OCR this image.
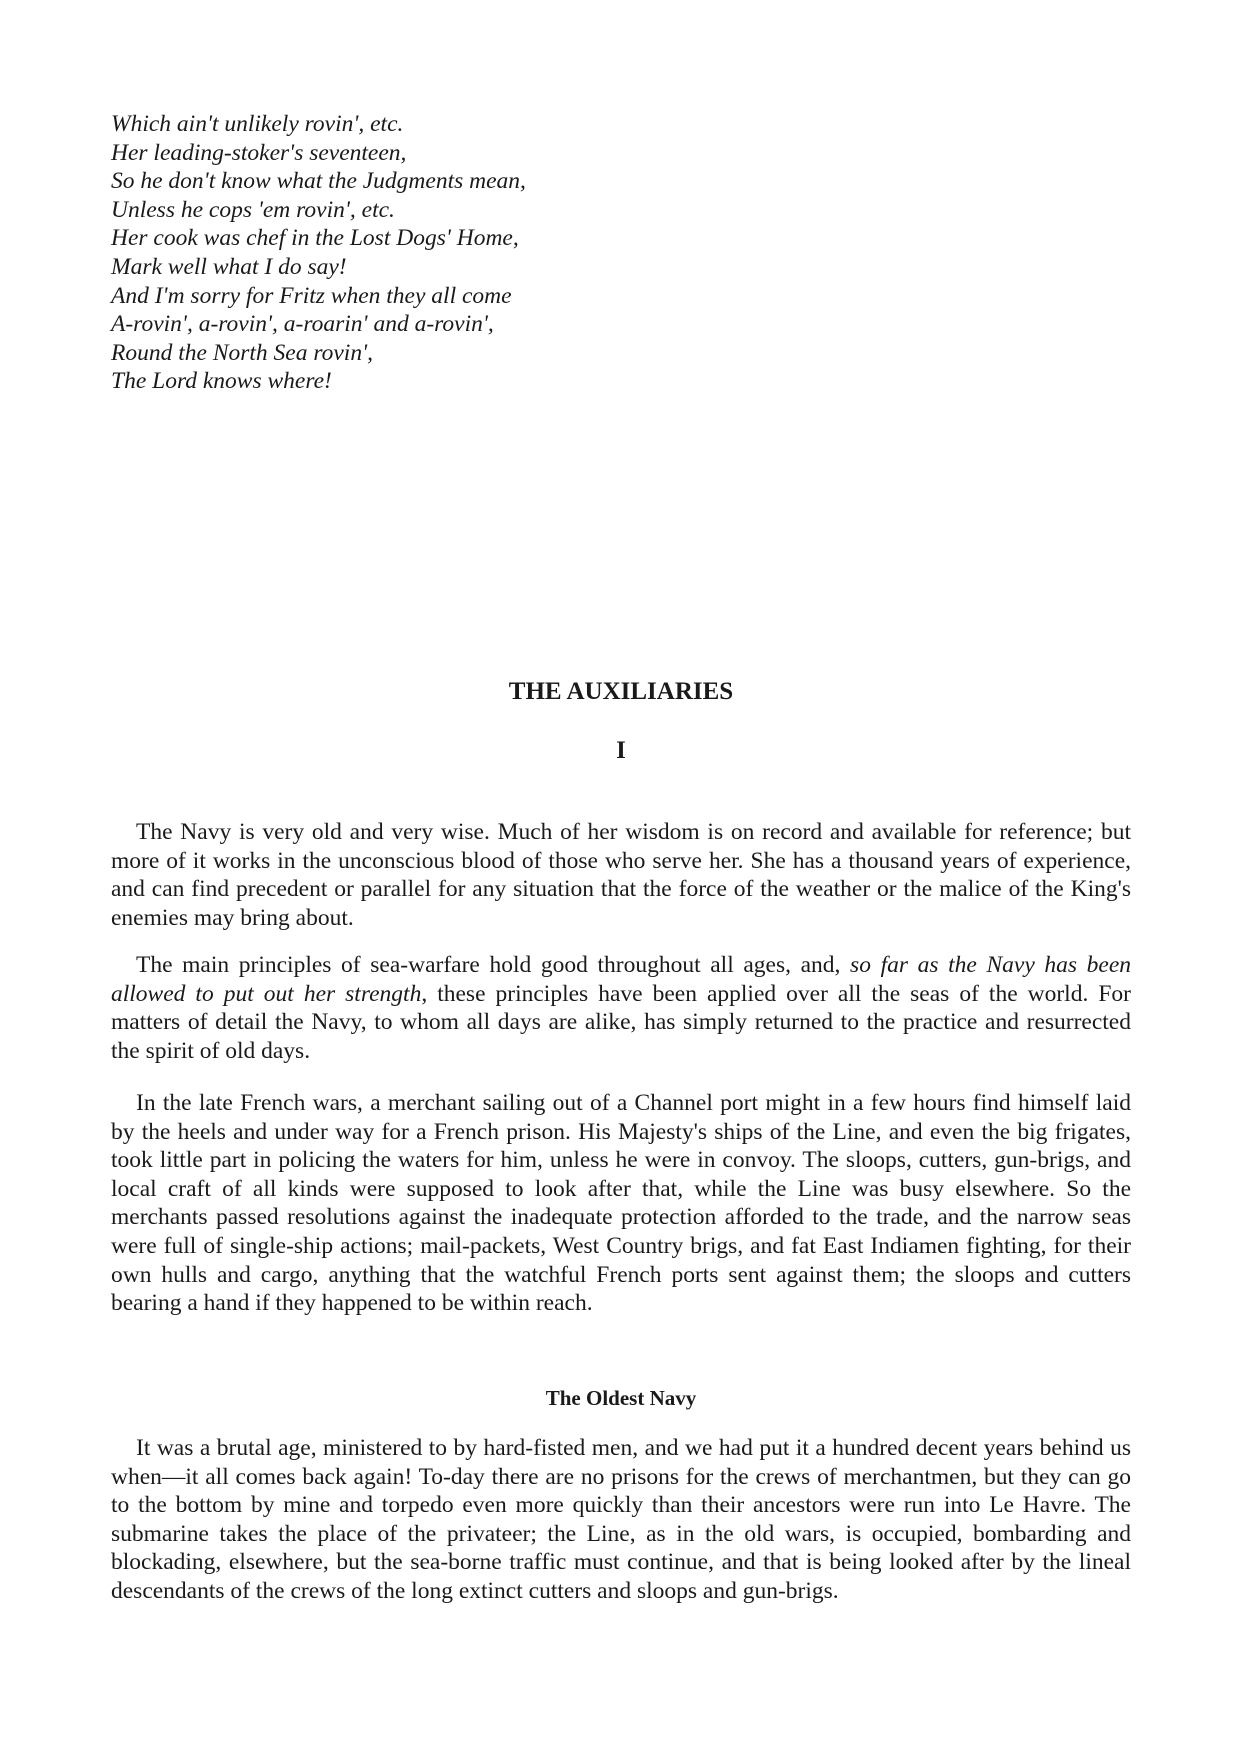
Which ain't unlikely rovin', etc.
Her leading-stoker's seventeen,
So he don't know what the Judgments mean,
Unless he cops 'em rovin', etc.
Her cook was chef in the Lost Dogs' Home,
Mark well what I do say!
And I'm sorry for Fritz when they all come
A-rovin', a-rovin', a-roarin' and a-rovin',
Round the North Sea rovin',
The Lord knows where!
THE AUXILIARIES
I

The Navy is very old and very wise. Much of her wisdom is on record and available for reference; but more of it works in the unconscious blood of those who serve her. She has a thousand years of experience, and can find precedent or parallel for any situation that the force of the weather or the malice of the King's enemies may bring about.

The main principles of sea-warfare hold good throughout all ages, and, so far as the Navy has been allowed to put out her strength, these principles have been applied over all the seas of the world. For matters of detail the Navy, to whom all days are alike, has simply returned to the practice and resurrected the spirit of old days.

In the late French wars, a merchant sailing out of a Channel port might in a few hours find himself laid by the heels and under way for a French prison. His Majesty's ships of the Line, and even the big frigates, took little part in policing the waters for him, unless he were in convoy. The sloops, cutters, gun-brigs, and local craft of all kinds were supposed to look after that, while the Line was busy elsewhere. So the merchants passed resolutions against the inadequate protection afforded to the trade, and the narrow seas were full of single-ship actions; mail-packets, West Country brigs, and fat East Indiamen fighting, for their own hulls and cargo, anything that the watchful French ports sent against them; the sloops and cutters bearing a hand if they happened to be within reach.

The Oldest Navy

It was a brutal age, ministered to by hard-fisted men, and we had put it a hundred decent years behind us when—it all comes back again! To-day there are no prisons for the crews of merchantmen, but they can go to the bottom by mine and torpedo even more quickly than their ancestors were run into Le Havre. The submarine takes the place of the privateer; the Line, as in the old wars, is occupied, bombarding and blockading, elsewhere, but the sea-borne traffic must continue, and that is being looked after by the lineal descendants of the crews of the long extinct cutters and sloops and gun-brigs.
